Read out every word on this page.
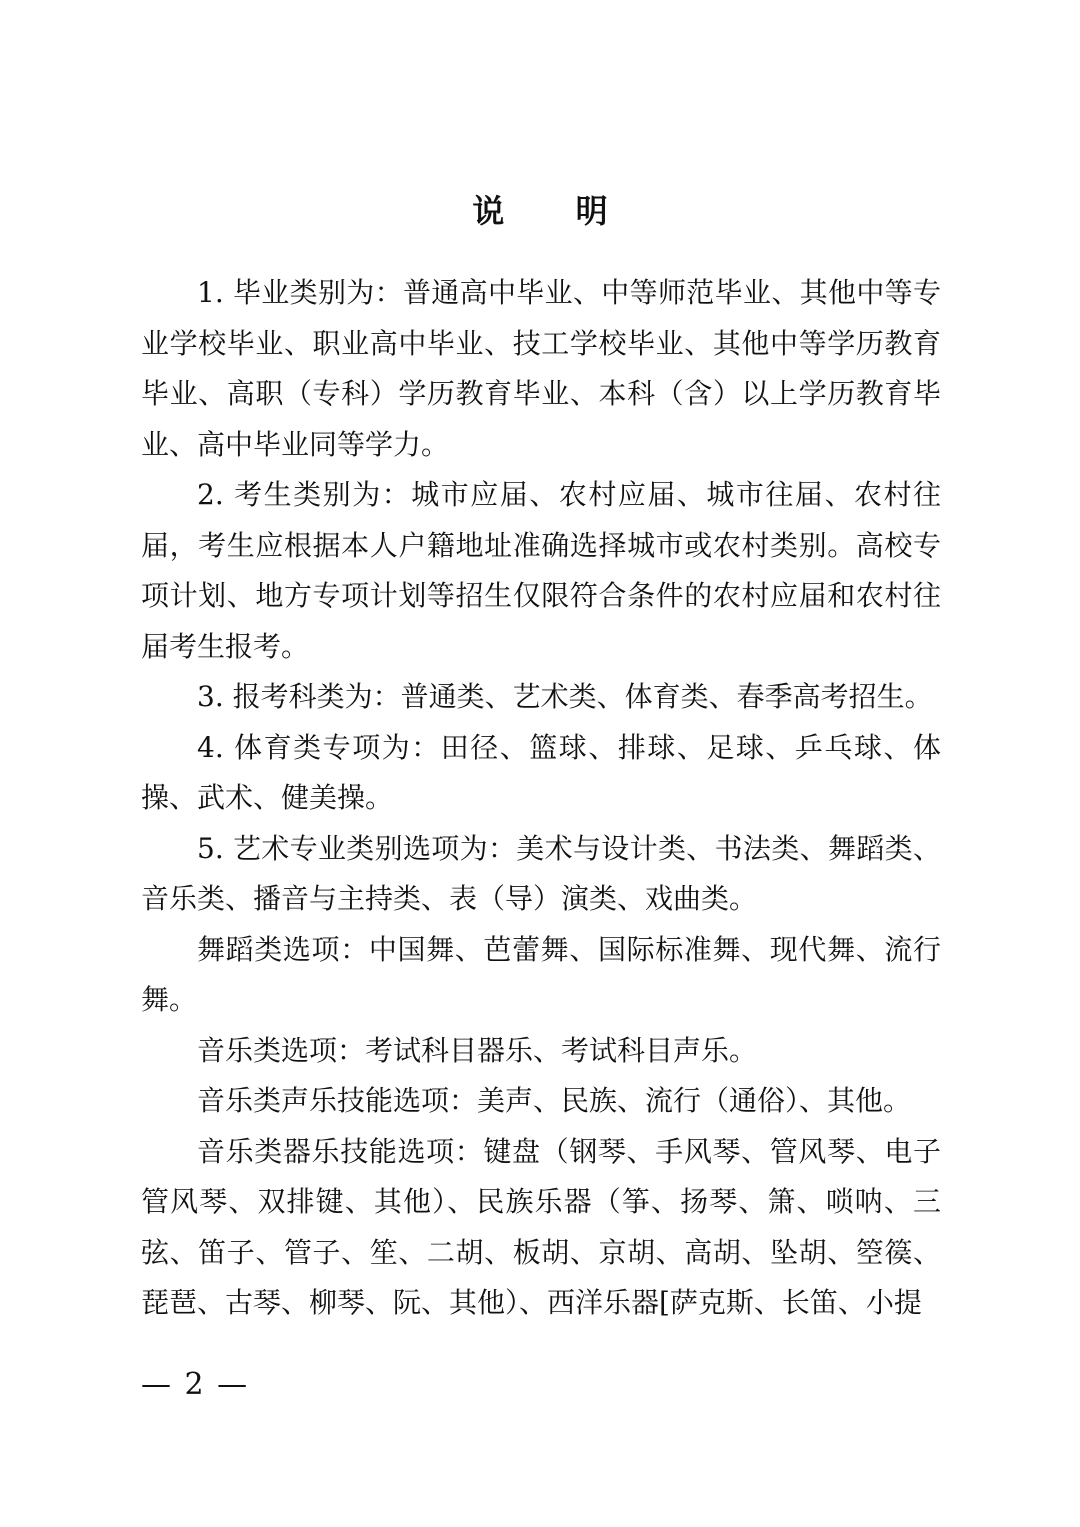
说 明

1. 毕业类别为：普通高中毕业、中等师范毕业、其他中等专业学校毕业、职业高中毕业、技工学校毕业、其他中等学历教育毕业、高职（专科）学历教育毕业、本科（含）以上学历教育毕业、高中毕业同等学力。

2. 考生类别为：城市应届、农村应届、城市往届、农村往届，考生应根据本人户籍地址准确选择城市或农村类别。高校专项计划、地方专项计划等招生仅限符合条件的农村应届和农村往届考生报考。

3. 报考科类为：普通类、艺术类、体育类、春季高考招生。

4. 体育类专项为：田径、篮球、排球、足球、乒乓球、体操、武术、健美操。

5. 艺术专业类别选项为：美术与设计类、书法类、舞蹈类、音乐类、播音与主持类、表（导）演类、戏曲类。

舞蹈类选项：中国舞、芭蕾舞、国际标准舞、现代舞、流行舞。

音乐类选项：考试科目器乐、考试科目声乐。

音乐类声乐技能选项：美声、民族、流行（通俗）、其他。

音乐类器乐技能选项：键盘（钢琴、手风琴、管风琴、电子管风琴、双排键、其他）、民族乐器（筝、扬琴、箫、唢呐、三弦、笛子、管子、笙、二胡、板胡、京胡、高胡、坠胡、箜篌、琵琶、古琴、柳琴、阮、其他）、西洋乐器[萨克斯、长笛、小提

— 2 —
